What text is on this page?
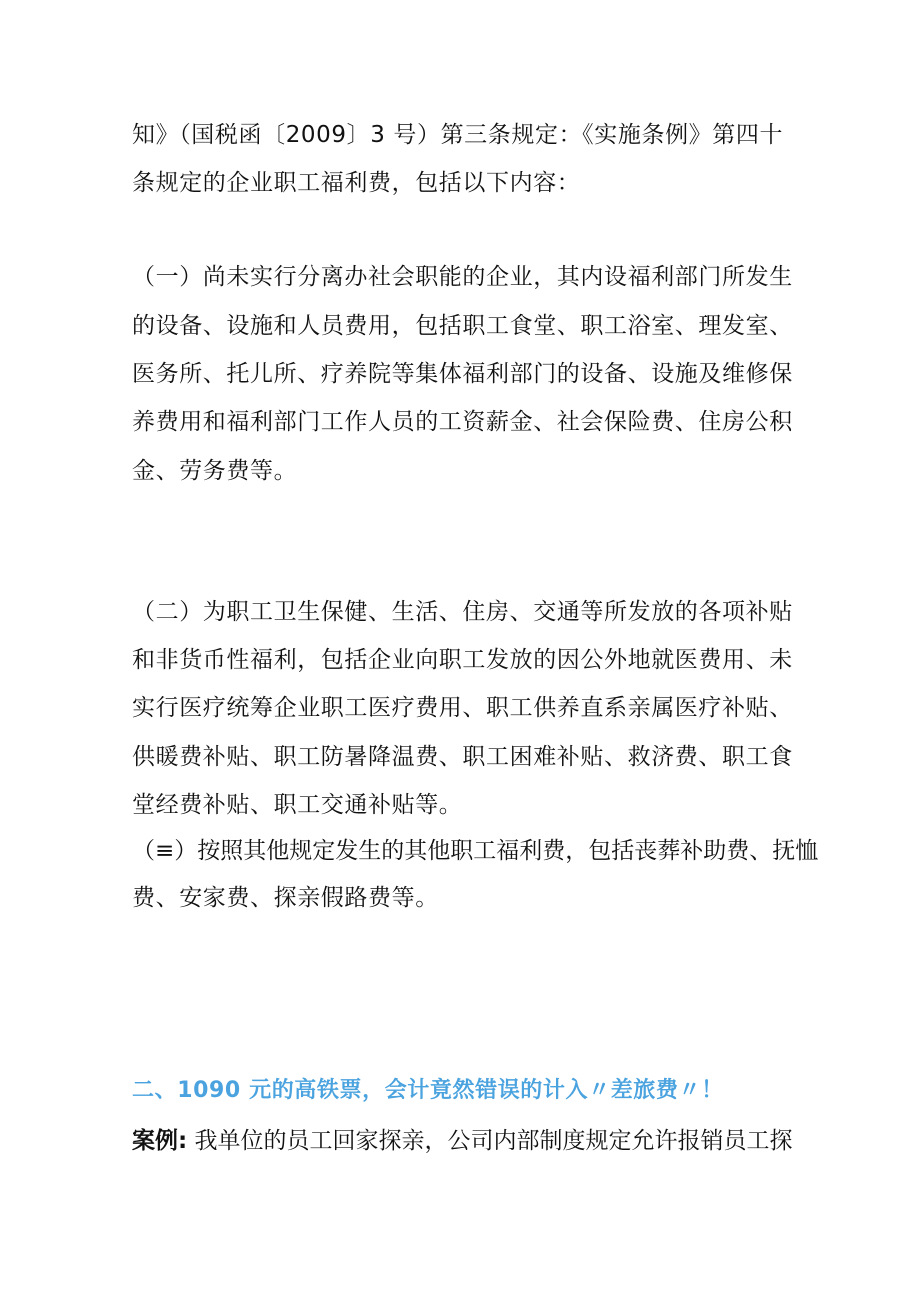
知》（国税函〔2009〕3 号）第三条规定：《实施条例》第四十

条规定的企业职工福利费，包括以下内容：

（一）尚未实行分离办社会职能的企业，其内设福利部门所发生

的设备、设施和人员费用，包括职工食堂、职工浴室、理发室、

医务所、托儿所、疗养院等集体福利部门的设备、设施及维修保

养费用和福利部门工作人员的工资薪金、社会保险费、住房公积

金、劳务费等。

（二）为职工卫生保健、生活、住房、交通等所发放的各项补贴

和非货币性福利，包括企业向职工发放的因公外地就医费用、未

实行医疗统筹企业职工医疗费用、职工供养直系亲属医疗补贴、

供暖费补贴、职工防暑降温费、职工困难补贴、救济费、职工食

堂经费补贴、职工交通补贴等。

（≡）按照其他规定发生的其他职工福利费，包括丧葬补助费、抚恤

费、安家费、探亲假路费等。

二、1090 元的高铁票，会计竟然错误的计入〃差旅费〃！

案例: 我单位的员工回家探亲，公司内部制度规定允许报销员工探
